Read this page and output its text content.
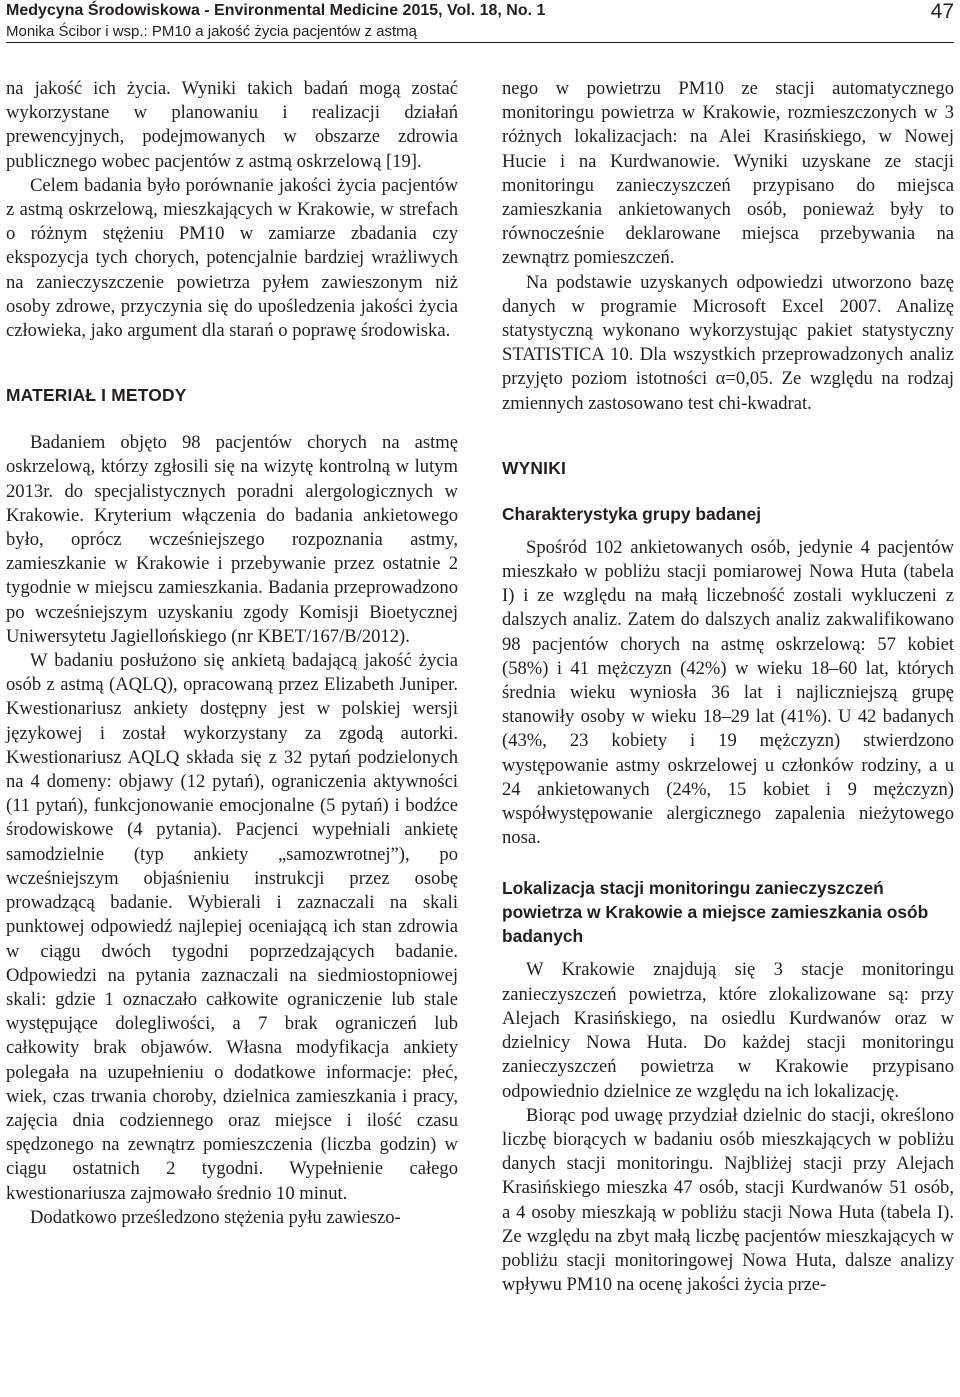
Medycyna Środowiskowa - Environmental Medicine 2015, Vol. 18, No. 1
Monika Ścibor i wsp.: PM10 a jakość życia pacjentów z astmą
47

na jakość ich życia. Wyniki takich badań mogą zostać wykorzystane w planowaniu i realizacji działań prewencyjnych, podejmowanych w obszarze zdrowia publicznego wobec pacjentów z astmą oskrzelową [19].

Celem badania było porównanie jakości życia pacjentów z astmą oskrzelową, mieszkających w Krakowie, w strefach o różnym stężeniu PM10 w zamiarze zbadania czy ekspozycja tych chorych, potencjalnie bardziej wrażliwych na zanieczyszczenie powietrza pyłem zawieszonym niż osoby zdrowe, przyczynia się do upośledzenia jakości życia człowieka, jako argument dla starań o poprawę środowiska.

MATERIAŁ I METODY

Badaniem objęto 98 pacjentów chorych na astmę oskrzelową, którzy zgłosili się na wizytę kontrolną w lutym 2013r. do specjalistycznych poradni alergologicznych w Krakowie. Kryterium włączenia do badania ankietowego było, oprócz wcześniejszego rozpoznania astmy, zamieszkanie w Krakowie i przebywanie przez ostatnie 2 tygodnie w miejscu zamieszkania. Badania przeprowadzono po wcześniejszym uzyskaniu zgody Komisji Bioetycznej Uniwersytetu Jagiellońskiego (nr KBET/167/B/2012).

W badaniu posłużono się ankietą badającą jakość życia osób z astmą (AQLQ), opracowaną przez Elizabeth Juniper. Kwestionariusz ankiety dostępny jest w polskiej wersji językowej i został wykorzystany za zgodą autorki. Kwestionariusz AQLQ składa się z 32 pytań podzielonych na 4 domeny: objawy (12 pytań), ograniczenia aktywności (11 pytań), funkcjonowanie emocjonalne (5 pytań) i bodźce środowiskowe (4 pytania). Pacjenci wypełniali ankietę samodzielnie (typ ankiety „samozwrotnej”), po wcześniejszym objaśnieniu instrukcji przez osobę prowadzącą badanie. Wybierali i zaznaczali na skali punktowej odpowiedź najlepiej oceniającą ich stan zdrowia w ciągu dwóch tygodni poprzedzających badanie. Odpowiedzi na pytania zaznaczali na siedmiostopniowej skali: gdzie 1 oznaczało całkowite ograniczenie lub stale występujące dolegliwości, a 7 brak ograniczeń lub całkowity brak objawów. Własna modyfikacja ankiety polegała na uzupełnieniu o dodatkowe informacje: płeć, wiek, czas trwania choroby, dzielnica zamieszkania i pracy, zajęcia dnia codziennego oraz miejsce i ilość czasu spędzonego na zewnątrz pomieszczenia (liczba godzin) w ciągu ostatnich 2 tygodni. Wypełnienie całego kwestionariusza zajmowało średnio 10 minut.

Dodatkowo prześledzono stężenia pyłu zawieszo-

nego w powietrzu PM10 ze stacji automatycznego monitoringu powietrza w Krakowie, rozmieszczonych w 3 różnych lokalizacjach: na Alei Krasińskiego, w Nowej Hucie i na Kurdwanowie. Wyniki uzyskane ze stacji monitoringu zanieczyszczeń przypisano do miejsca zamieszkania ankietowanych osób, ponieważ były to równocześnie deklarowane miejsca przebywania na zewnątrz pomieszczeń.

Na podstawie uzyskanych odpowiedzi utworzono bazę danych w programie Microsoft Excel 2007. Analizę statystyczną wykonano wykorzystując pakiet statystyczny STATISTICA 10. Dla wszystkich przeprowadzonych analiz przyjęto poziom istotności α=0,05. Ze względu na rodzaj zmiennych zastosowano test chi-kwadrat.

WYNIKI
Charakterystyka grupy badanej

Spośród 102 ankietowanych osób, jedynie 4 pacjentów mieszkało w pobliżu stacji pomiarowej Nowa Huta (tabela I) i ze względu na małą liczebność zostali wykluczeni z dalszych analiz. Zatem do dalszych analiz zakwalifikowano 98 pacjentów chorych na astmę oskrzelową: 57 kobiet (58%) i 41 mężczyzn (42%) w wieku 18–60 lat, których średnia wieku wyniosła 36 lat i najliczniejszą grupę stanowiły osoby w wieku 18–29 lat (41%). U 42 badanych (43%, 23 kobiety i 19 mężczyzn) stwierdzono występowanie astmy oskrzelowej u członków rodziny, a u 24 ankietowanych (24%, 15 kobiet i 9 mężczyzn) współwystępowanie alergicznego zapalenia nieżytowego nosa.

Lokalizacja stacji monitoringu zanieczyszczeń powietrza w Krakowie a miejsce zamieszkania osób badanych

W Krakowie znajdują się 3 stacje monitoringu zanieczyszczeń powietrza, które zlokalizowane są: przy Alejach Krasińskiego, na osiedlu Kurdwanów oraz w dzielnicy Nowa Huta. Do każdej stacji monitoringu zanieczyszczeń powietrza w Krakowie przypisano odpowiednio dzielnice ze względu na ich lokalizację.

Biorąc pod uwagę przydział dzielnic do stacji, określono liczbę biorących w badaniu osób mieszkających w pobliżu danych stacji monitoringu. Najbliżej stacji przy Alejach Krasińskiego mieszka 47 osób, stacji Kurdwanów 51 osób, a 4 osoby mieszkają w pobliżu stacji Nowa Huta (tabela I). Ze względu na zbyt małą liczbę pacjentów mieszkających w pobliżu stacji monitoringowej Nowa Huta, dalsze analizy wpływu PM10 na ocenę jakości życia prze-
